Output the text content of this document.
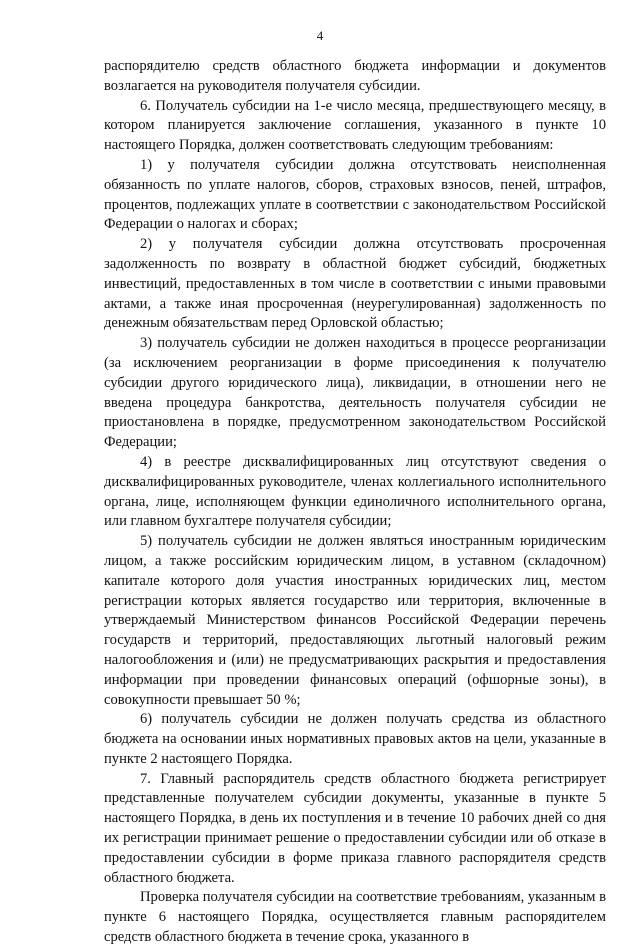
4

распорядителю средств областного бюджета информации и документов возлагается на руководителя получателя субсидии.

6. Получатель субсидии на 1-е число месяца, предшествующего месяцу, в котором планируется заключение соглашения, указанного в пункте 10 настоящего Порядка, должен соответствовать следующим требованиям:

1) у получателя субсидии должна отсутствовать неисполненная обязанность по уплате налогов, сборов, страховых взносов, пеней, штрафов, процентов, подлежащих уплате в соответствии с законодательством Российской Федерации о налогах и сборах;

2) у получателя субсидии должна отсутствовать просроченная задолженность по возврату в областной бюджет субсидий, бюджетных инвестиций, предоставленных в том числе в соответствии с иными правовыми актами, а также иная просроченная (неурегулированная) задолженность по денежным обязательствам перед Орловской областью;

3) получатель субсидии не должен находиться в процессе реорганизации (за исключением реорганизации в форме присоединения к получателю субсидии другого юридического лица), ликвидации, в отношении него не введена процедура банкротства, деятельность получателя субсидии не приостановлена в порядке, предусмотренном законодательством Российской Федерации;

4) в реестре дисквалифицированных лиц отсутствуют сведения о дисквалифицированных руководителе, членах коллегиального исполнительного органа, лице, исполняющем функции единоличного исполнительного органа, или главном бухгалтере получателя субсидии;

5) получатель субсидии не должен являться иностранным юридическим лицом, а также российским юридическим лицом, в уставном (складочном) капитале которого доля участия иностранных юридических лиц, местом регистрации которых является государство или территория, включенные в утверждаемый Министерством финансов Российской Федерации перечень государств и территорий, предоставляющих льготный налоговый режим налогообложения и (или) не предусматривающих раскрытия и предоставления информации при проведении финансовых операций (офшорные зоны), в совокупности превышает 50 %;

6) получатель субсидии не должен получать средства из областного бюджета на основании иных нормативных правовых актов на цели, указанные в пункте 2 настоящего Порядка.

7. Главный распорядитель средств областного бюджета регистрирует представленные получателем субсидии документы, указанные в пункте 5 настоящего Порядка, в день их поступления и в течение 10 рабочих дней со дня их регистрации принимает решение о предоставлении субсидии или об отказе в предоставлении субсидии в форме приказа главного распорядителя средств областного бюджета.

Проверка получателя субсидии на соответствие требованиям, указанным в пункте 6 настоящего Порядка, осуществляется главным распорядителем средств областного бюджета в течение срока, указанного в
